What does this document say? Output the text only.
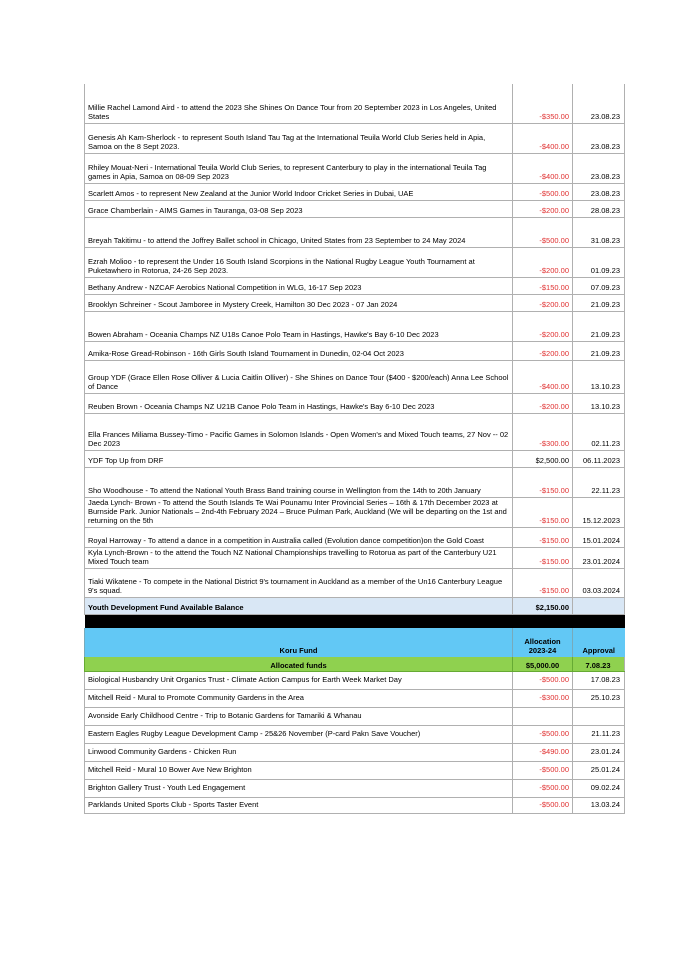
Millie Rachel Lamond Aird - to attend the 2023 She Shines On Dance Tour from 20 September 2023 in Los Angeles, United States	-$350.00	23.08.23
Genesis Ah Kam-Sherlock - to represent South Island Tau Tag at the International Teuila World Club Series held in Apia, Samoa on the 8 Sept 2023.	-$400.00	23.08.23
Rhiley Mouat-Neri - International Teuila World Club Series, to represent Canterbury to play in the international Teuila Tag games in Apia, Samoa on 08-09 Sep 2023	-$400.00	23.08.23
Scarlett Amos - to represent New Zealand at the Junior World Indoor Cricket Series in Dubai, UAE	-$500.00	23.08.23
Grace Chamberlain - AIMS Games in Tauranga, 03-08 Sep 2023	-$200.00	28.08.23
Breyah Takitimu - to attend the Joffrey Ballet school in Chicago, United States from 23 September to 24 May 2024	-$500.00	31.08.23
Ezrah Molioo - to represent the Under 16 South Island Scorpions in the National Rugby League Youth Tournament at Puketawhero in Rotorua, 24-26 Sep 2023.	-$200.00	01.09.23
Bethany Andrew - NZCAF Aerobics National Competition in WLG, 16-17 Sep 2023	-$150.00	07.09.23
Brooklyn Schreiner - Scout Jamboree in Mystery Creek, Hamilton 30 Dec 2023 - 07 Jan 2024	-$200.00	21.09.23
Bowen Abraham - Oceania Champs NZ U18s Canoe Polo Team in Hastings, Hawke's Bay 6-10 Dec 2023	-$200.00	21.09.23
Amika-Rose Gread-Robinson - 16th Girls South Island Tournament in Dunedin, 02-04 Oct 2023	-$200.00	21.09.23
Group YDF (Grace Ellen Rose Olliver & Lucia Caitlin Olliver) - She Shines on Dance Tour ($400 - $200/each) Anna Lee School of Dance	-$400.00	13.10.23
Reuben Brown - Oceania Champs NZ U21B Canoe Polo Team in Hastings, Hawke's Bay 6-10 Dec 2023	-$200.00	13.10.23
Ella Frances Miliama Bussey-Timo - Pacific Games in Solomon Islands - Open Women's and Mixed Touch teams, 27 Nov -- 02 Dec 2023	-$300.00	02.11.23
YDF Top Up from DRF	$2,500.00	06.11.2023
Sho Woodhouse - To attend the National Youth Brass Band training course in Wellington from the 14th to 20th January	-$150.00	22.11.23
Jaeda Lynch- Brown - To attend the South Islands Te Wai Pounamu Inter Provincial Series – 16th & 17th December 2023 at Burnside Park. Junior Nationals – 2nd-4th February 2024 – Bruce Pulman Park, Auckland (We will be departing on the 1st and returning on the 5th	-$150.00	15.12.2023
Royal Harroway - To attend a dance in a competition in Australia called (Evolution dance competition)on the Gold Coast	-$150.00	15.01.2024
Kyla Lynch-Brown - to the attend the Touch NZ National Championships travelling to Rotorua as part of the Canterbury U21 Mixed Touch team	-$150.00	23.01.2024
Tiaki Wikatene - To compete in the National District 9's tournament in Auckland as a member of the Un16 Canterbury League 9's squad.	-$150.00	03.03.2024
Youth Development Fund Available Balance	$2,150.00	

Koru Fund	Allocation 2023-24	Approval
Allocated funds	$5,000.00	7.08.23
Biological Husbandry Unit Organics Trust - Climate Action Campus for Earth Week Market Day	-$500.00	17.08.23
Mitchell Reid - Mural to Promote Community Gardens in the Area	-$300.00	25.10.23
Avonside Early Childhood Centre - Trip to Botanic Gardens for Tamariki & Whanau		
Eastern Eagles Rugby League Development Camp - 25&26 November (P-card Pakn Save Voucher)	-$500.00	21.11.23
Linwood Community Gardens - Chicken Run	-$490.00	23.01.24
Mitchell Reid - Mural 10 Bower Ave New Brighton	-$500.00	25.01.24
Brighton Gallery Trust - Youth Led Engagement	-$500.00	09.02.24
Parklands United Sports Club - Sports Taster Event	-$500.00	13.03.24
